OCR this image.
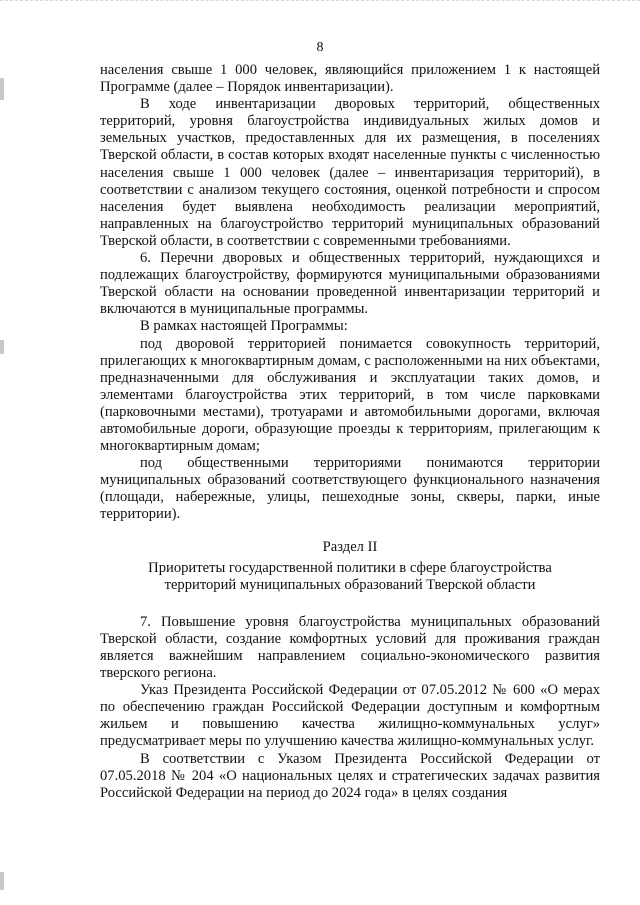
8

населения свыше 1 000 человек, являющийся приложением 1 к настоящей Программе (далее – Порядок инвентаризации).

В ходе инвентаризации дворовых территорий, общественных территорий, уровня благоустройства индивидуальных жилых домов и земельных участков, предоставленных для их размещения, в поселениях Тверской области, в состав которых входят населенные пункты с численностью населения свыше 1 000 человек (далее – инвентаризация территорий), в соответствии с анализом текущего состояния, оценкой потребности и спросом населения будет выявлена необходимость реализации мероприятий, направленных на благоустройство территорий муниципальных образований Тверской области, в соответствии с современными требованиями.

6. Перечни дворовых и общественных территорий, нуждающихся и подлежащих благоустройству, формируются муниципальными образованиями Тверской области на основании проведенной инвентаризации территорий и включаются в муниципальные программы.

В рамках настоящей Программы:

под дворовой территорией понимается совокупность территорий, прилегающих к многоквартирным домам, с расположенными на них объектами, предназначенными для обслуживания и эксплуатации таких домов, и элементами благоустройства этих территорий, в том числе парковками (парковочными местами), тротуарами и автомобильными дорогами, включая автомобильные дороги, образующие проезды к территориям, прилегающим к многоквартирным домам;

под общественными территориями понимаются территории муниципальных образований соответствующего функционального назначения (площади, набережные, улицы, пешеходные зоны, скверы, парки, иные территории).

Раздел II

Приоритеты государственной политики в сфере благоустройства
территорий муниципальных образований Тверской области

7. Повышение уровня благоустройства муниципальных образований Тверской области, создание комфортных условий для проживания граждан является важнейшим направлением социально-экономического развития тверского региона.

Указ Президента Российской Федерации от 07.05.2012 № 600 «О мерах по обеспечению граждан Российской Федерации доступным и комфортным жильем и повышению качества жилищно-коммунальных услуг» предусматривает меры по улучшению качества жилищно-коммунальных услуг.

В соответствии с Указом Президента Российской Федерации от 07.05.2018 № 204 «О национальных целях и стратегических задачах развития Российской Федерации на период до 2024 года» в целях создания
